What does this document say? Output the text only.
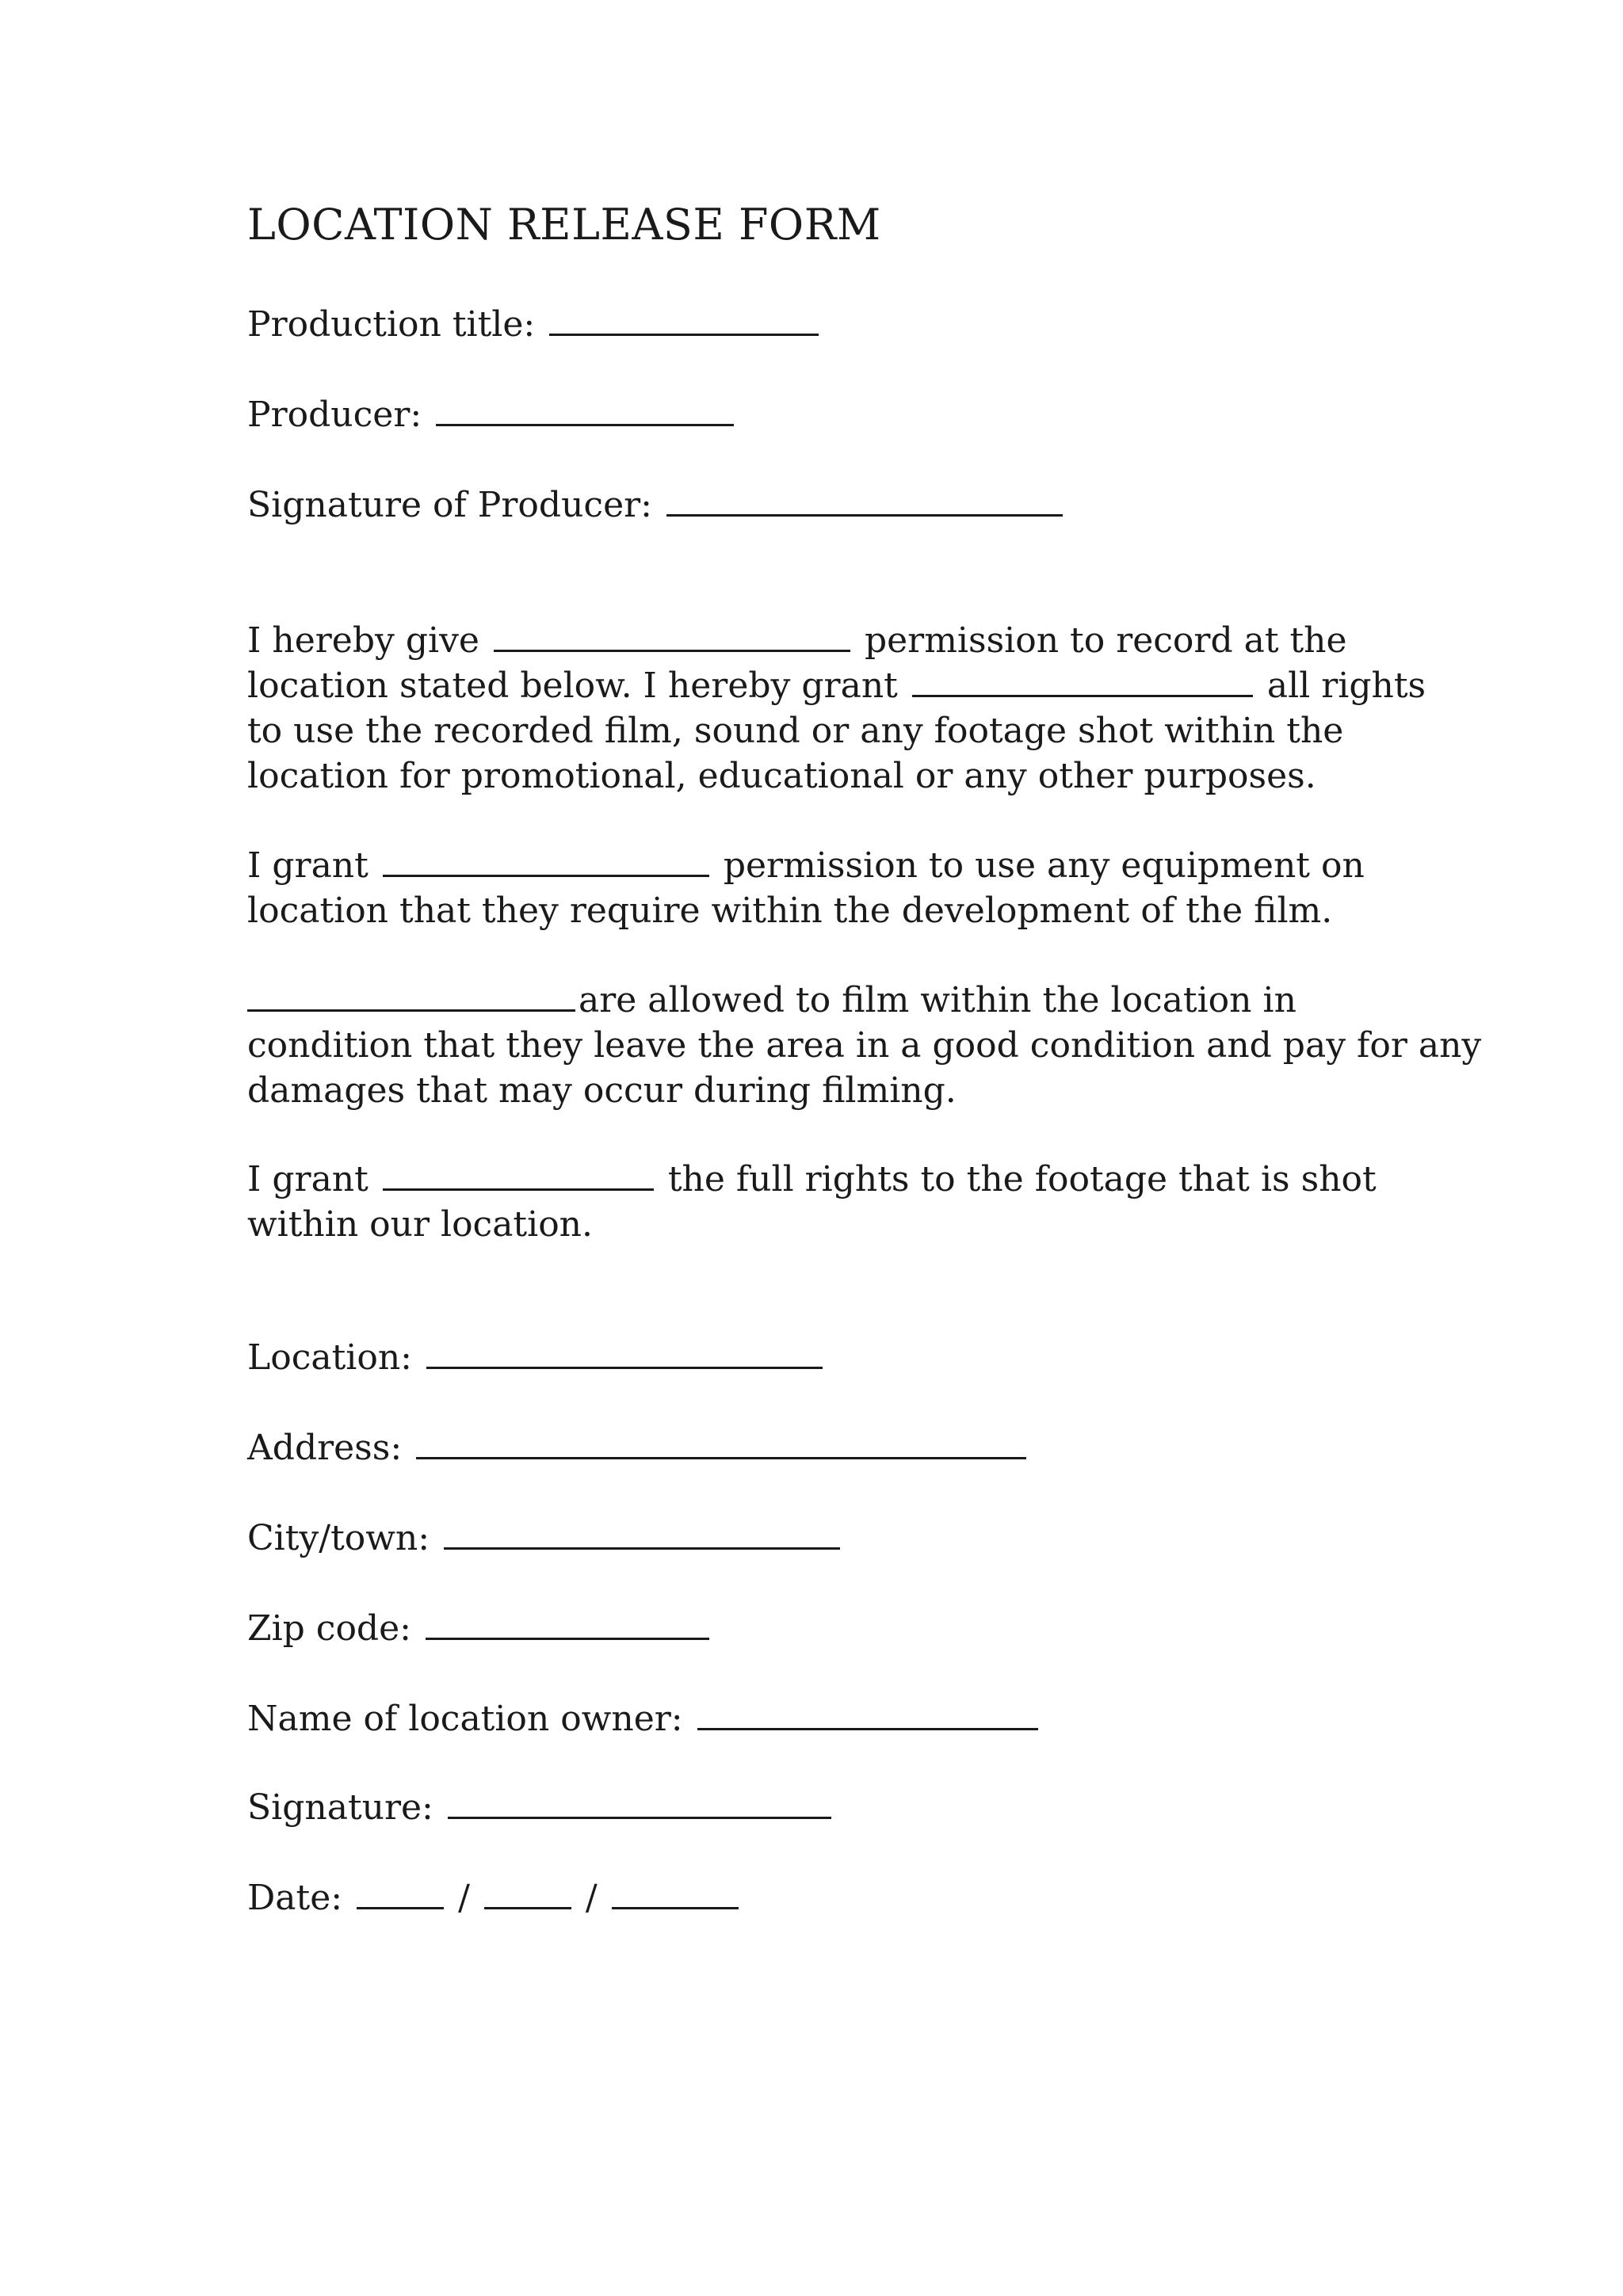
LOCATION RELEASE FORM
Production title:
Producer:
Signature of Producer:
I hereby give	permission to record at the
location stated below. I hereby grant	all rights
to use the recorded film, sound or any footage shot within the
location for promotional, educational or any other purposes.
I grant	permission to use any equipment on
location that they require within the development of the film.
are allowed to film within the location in
condition that they leave the area in a good condition and pay for any
damages that may occur during filming.
I grant	the full rights to the footage that is shot
within our location.
Location:
Address:
City/town:
Zip code:
Name of location owner:
Signature:
Date:	/	/
